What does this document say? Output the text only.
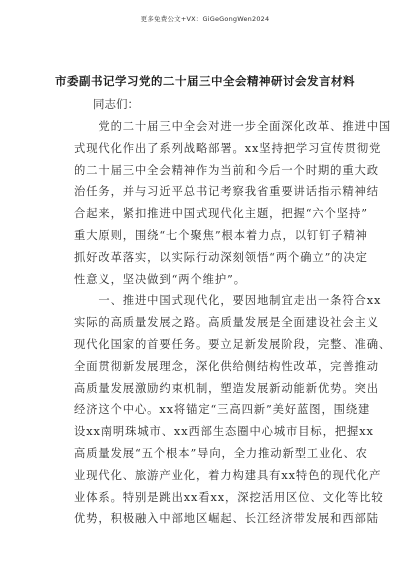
更多免费公文+VX：GiGeGongWen2024
市委副书记学习党的二十届三中全会精神研讨会发言材料
同志们：
　　党的二十届三中全会对进一步全面深化改革、推进中国
式现代化作出了系列战略部署。xx坚持把学习宣传贯彻党
的二十届三中全会精神作为当前和今后一个时期的重大政
治任务，并与习近平总书记考察我省重要讲话指示精神结
合起来，紧扣推进中国式现代化主题，把握“六个坚持”
重大原则，围绕“七个聚焦”根本着力点，以钉钉子精神
抓好改革落实，以实际行动深刻领悟“两个确立”的决定
性意义，坚决做到“两个维护”。
　　一、推进中国式现代化，要因地制宜走出一条符合xx
实际的高质量发展之路。高质量发展是全面建设社会主义
现代化国家的首要任务。要立足新发展阶段，完整、准确、
全面贯彻新发展理念，深化供给侧结构性改革，完善推动
高质量发展激励约束机制，塑造发展新动能新优势。突出
经济这个中心。xx将锚定“三高四新”美好蓝图，围绕建
设xx南明珠城市、xx西部生态圈中心城市目标，把握xx
高质量发展“五个根本”导向，全力推动新型工业化、农
业现代化、旅游产业化，着力构建具有xx特色的现代化产
业体系。特别是跳出xx看xx，深挖活用区位、文化等比较
优势，积极融入中部地区崛起、长江经济带发展和西部陆
